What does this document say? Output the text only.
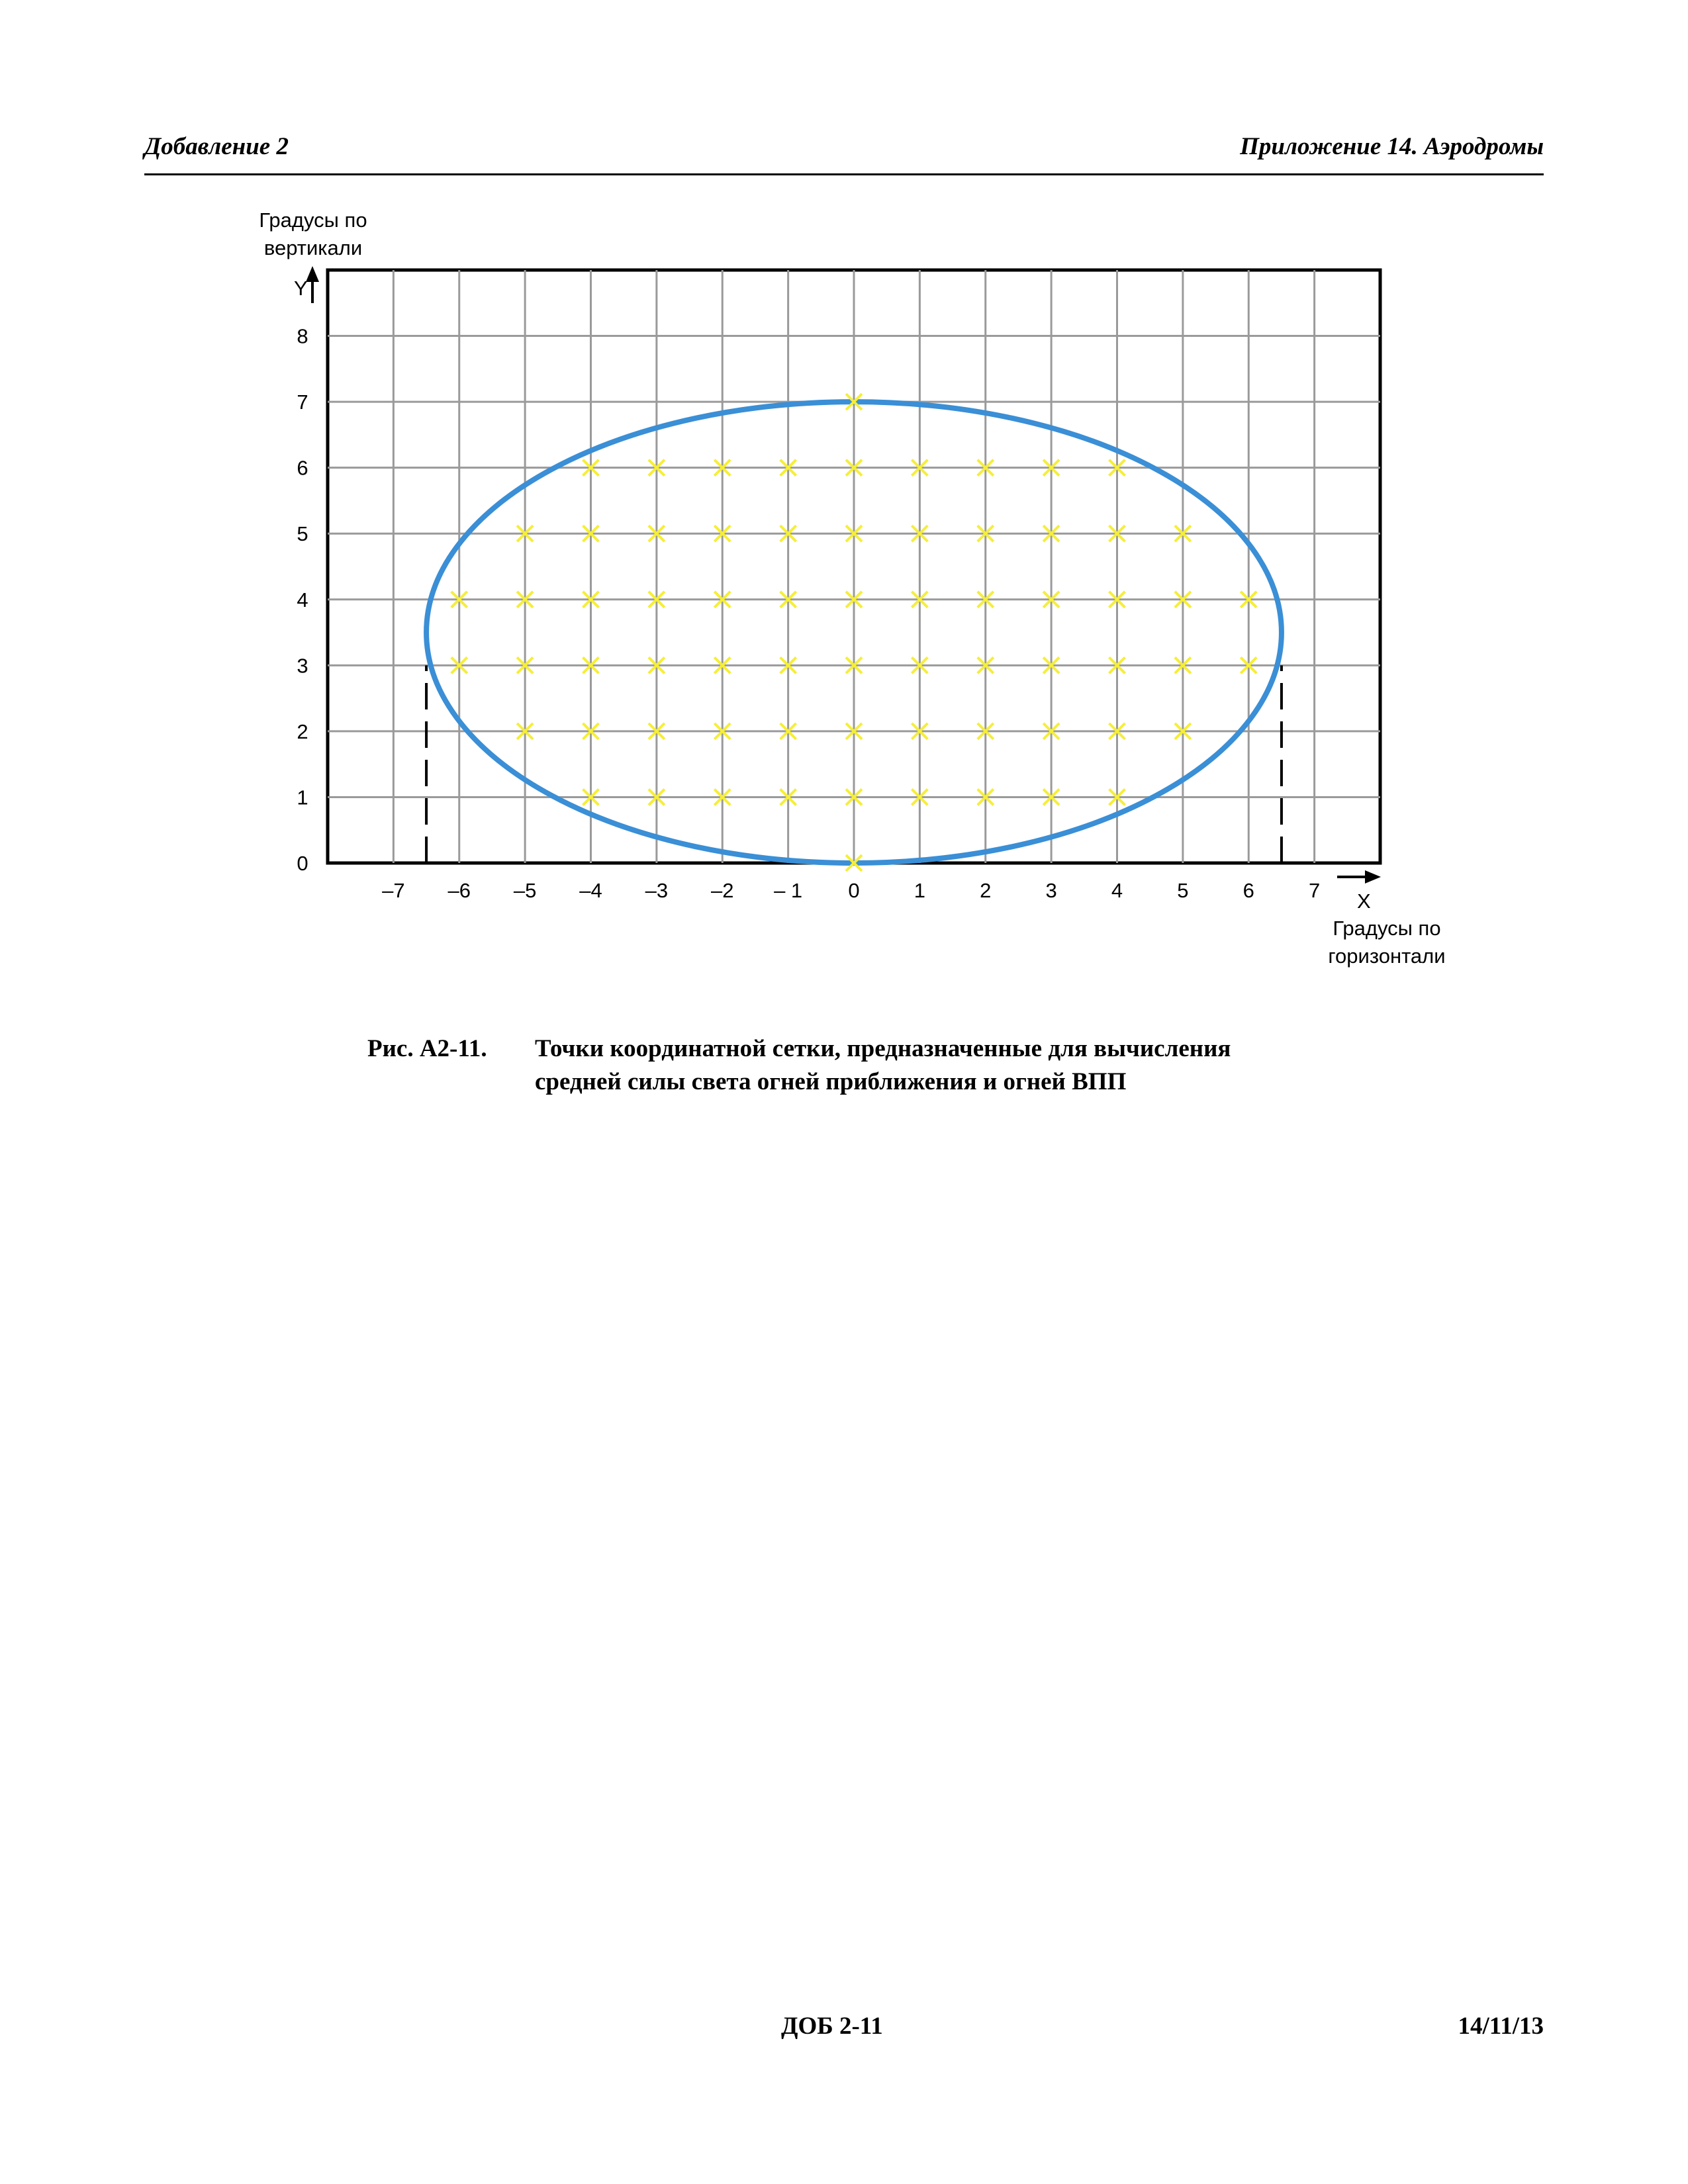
Добавление 2	Приложение 14. Аэродромы
Градусы по
вертикали
Градусы по
горизонтали
–7 –6 –5 –4 –3 –2 – 1 0	1	2	3	4	5	6	7
0
1
2
3
4
5
6
7
8
Y
X
Рис. A2-11. Точки координатной сетки, предназначенные для вычисления
средней силы света огней приближения и огней ВПП
ДОБ 2-11	14/11/13
